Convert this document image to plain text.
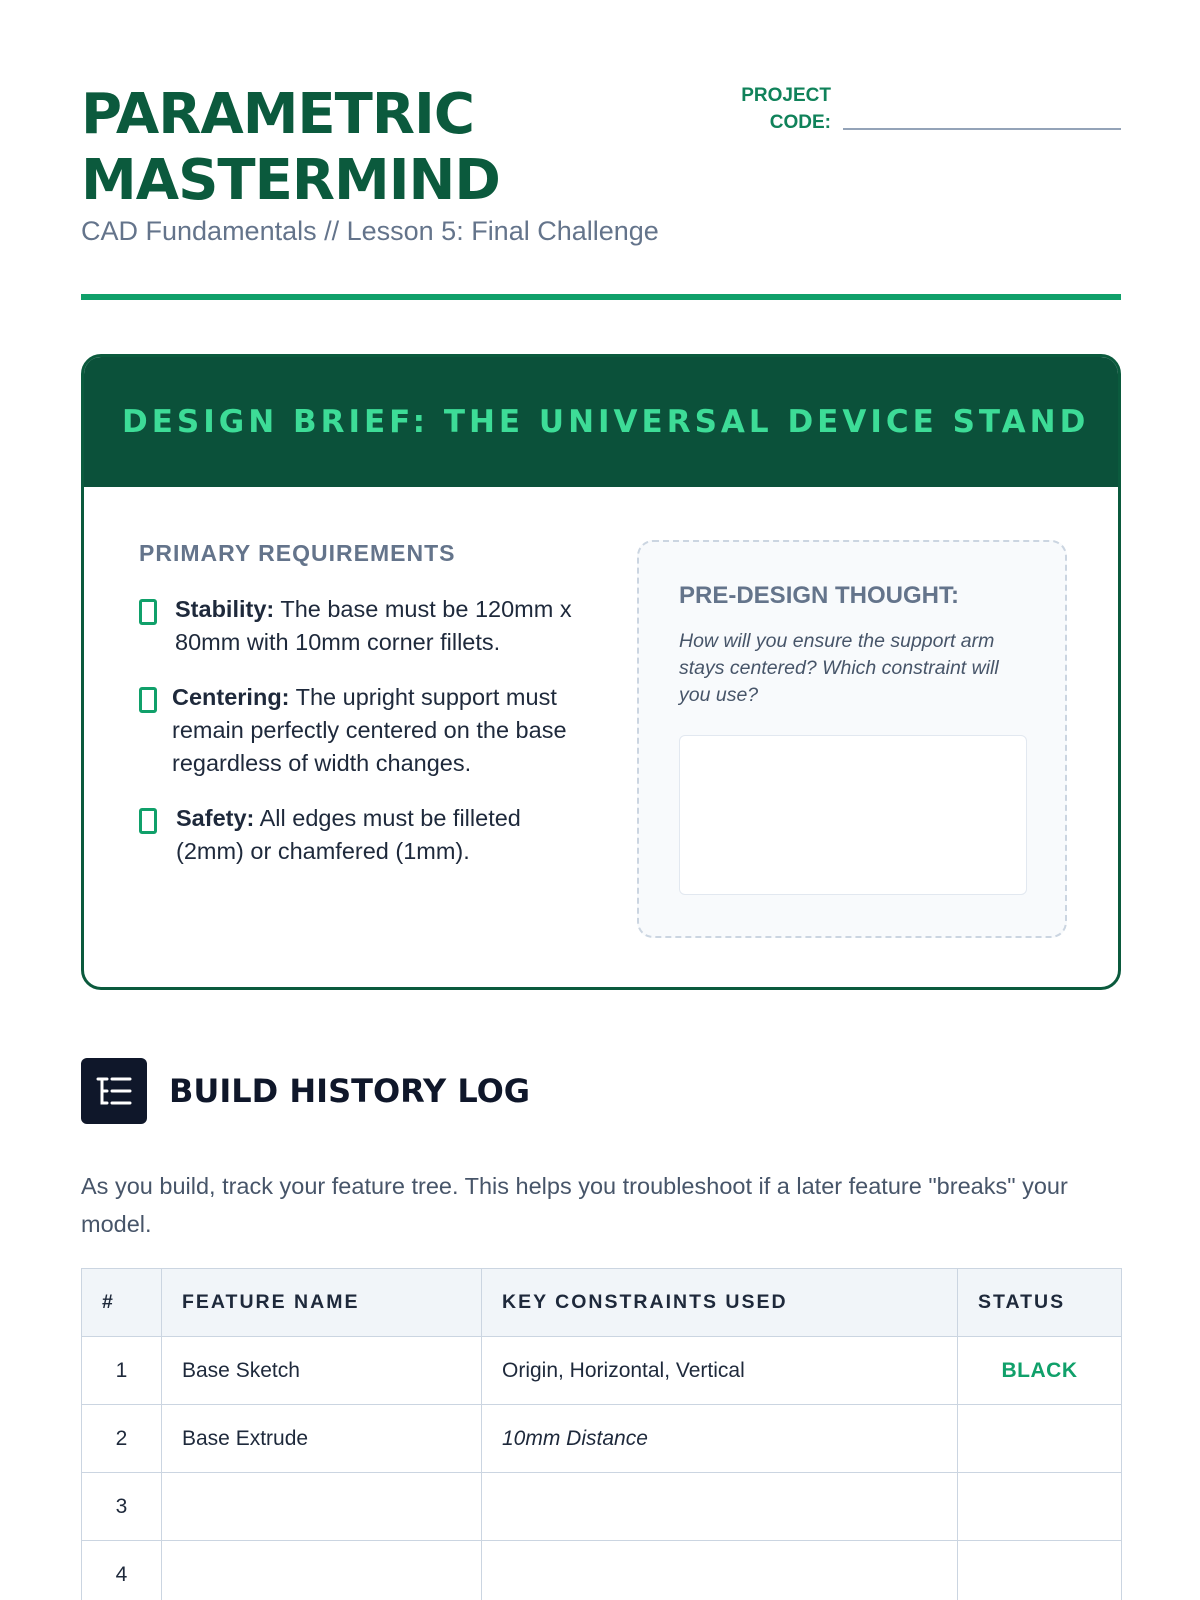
PARAMETRIC
MASTERMIND
CAD Fundamentals // Lesson 5: Final Challenge
PROJECT
CODE:
DESIGN BRIEF: THE UNIVERSAL DEVICE STAND
PRIMARY REQUIREMENTS
Stability: The base must be 120mm x 80mm with 10mm corner fillets.
Centering: The upright support must remain perfectly centered on the base regardless of width changes.
Safety: All edges must be filleted (2mm) or chamfered (1mm).
PRE-DESIGN THOUGHT:
How will you ensure the support arm stays centered? Which constraint will you use?
BUILD HISTORY LOG
As you build, track your feature tree. This helps you troubleshoot if a later feature "breaks" your model.
#	FEATURE NAME	KEY CONSTRAINTS USED	STATUS
1	Base Sketch	Origin, Horizontal, Vertical	BLACK
2	Base Extrude	10mm Distance	
3			
4			
